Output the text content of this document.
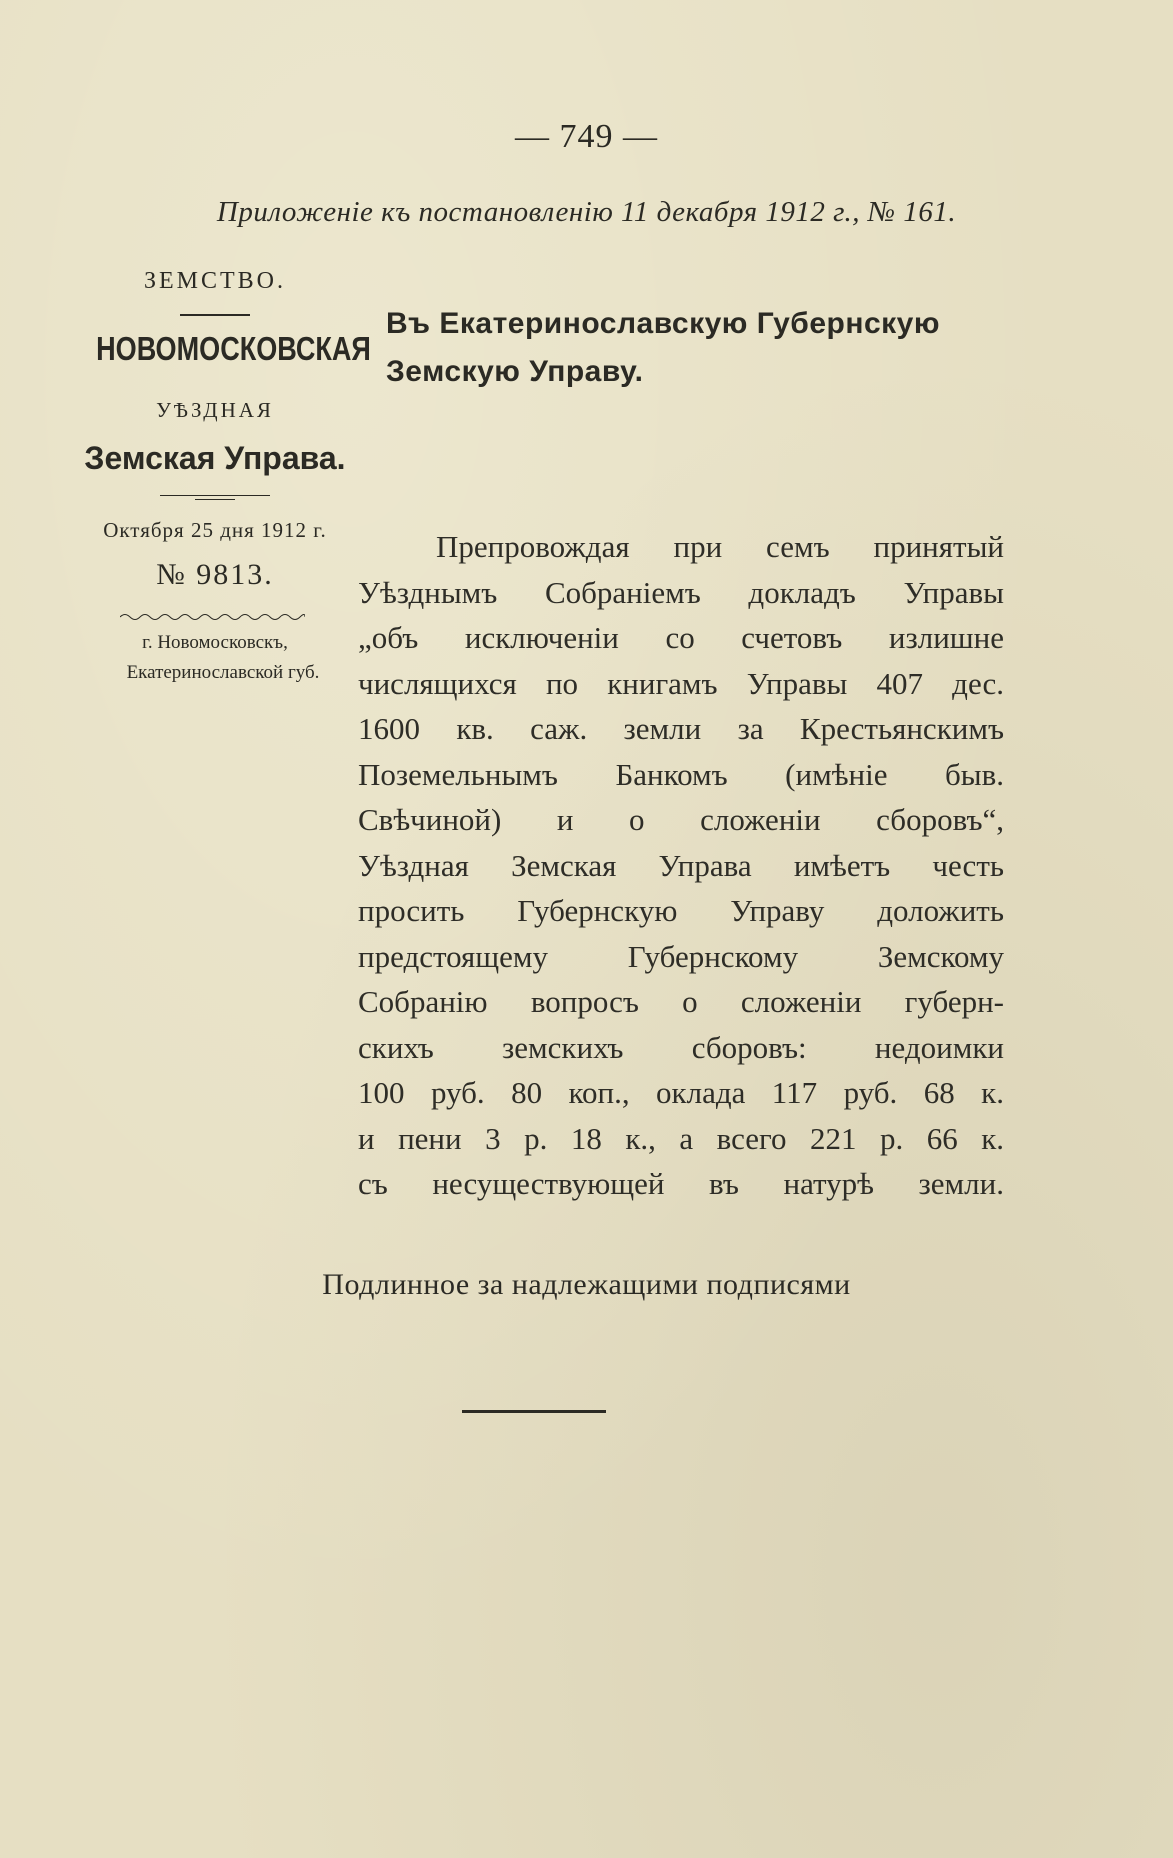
— 749 —
Приложеніе къ постановленію 11 декабря 1912 г., № 161.
ЗЕМСТВО.
НОВОМОСКОВСКАЯ
УѢЗДНАЯ
Земская Управа.
Октября 25 дня 1912 г.
№ 9813.
г. Новомосковскъ,
Екатеринославской губ.
Въ Екатеринославскую Губернскую
Земскую Управу.
Препровождая при семъ принятый
Уѣзднымъ Собраніемъ докладъ Управы
„объ исключеніи со счетовъ излишне
числящихся по книгамъ Управы 407 дес.
1600 кв. саж. земли за Крестьянскимъ
Поземельнымъ Банкомъ (имѣніе быв.
Свѣчиной) и о сложеніи сборовъ“,
Уѣздная Земская Управа имѣетъ честь
просить Губернскую Управу доложить
предстоящему Губернскому Земскому
Собранію вопросъ о сложеніи губерн-
скихъ земскихъ сборовъ: недоимки
100 руб. 80 коп., оклада 117 руб. 68 к.
и пени 3 р. 18 к., а всего 221 р. 66 к.
съ несуществующей въ натурѣ земли.
Подлинное за надлежащими подписями
